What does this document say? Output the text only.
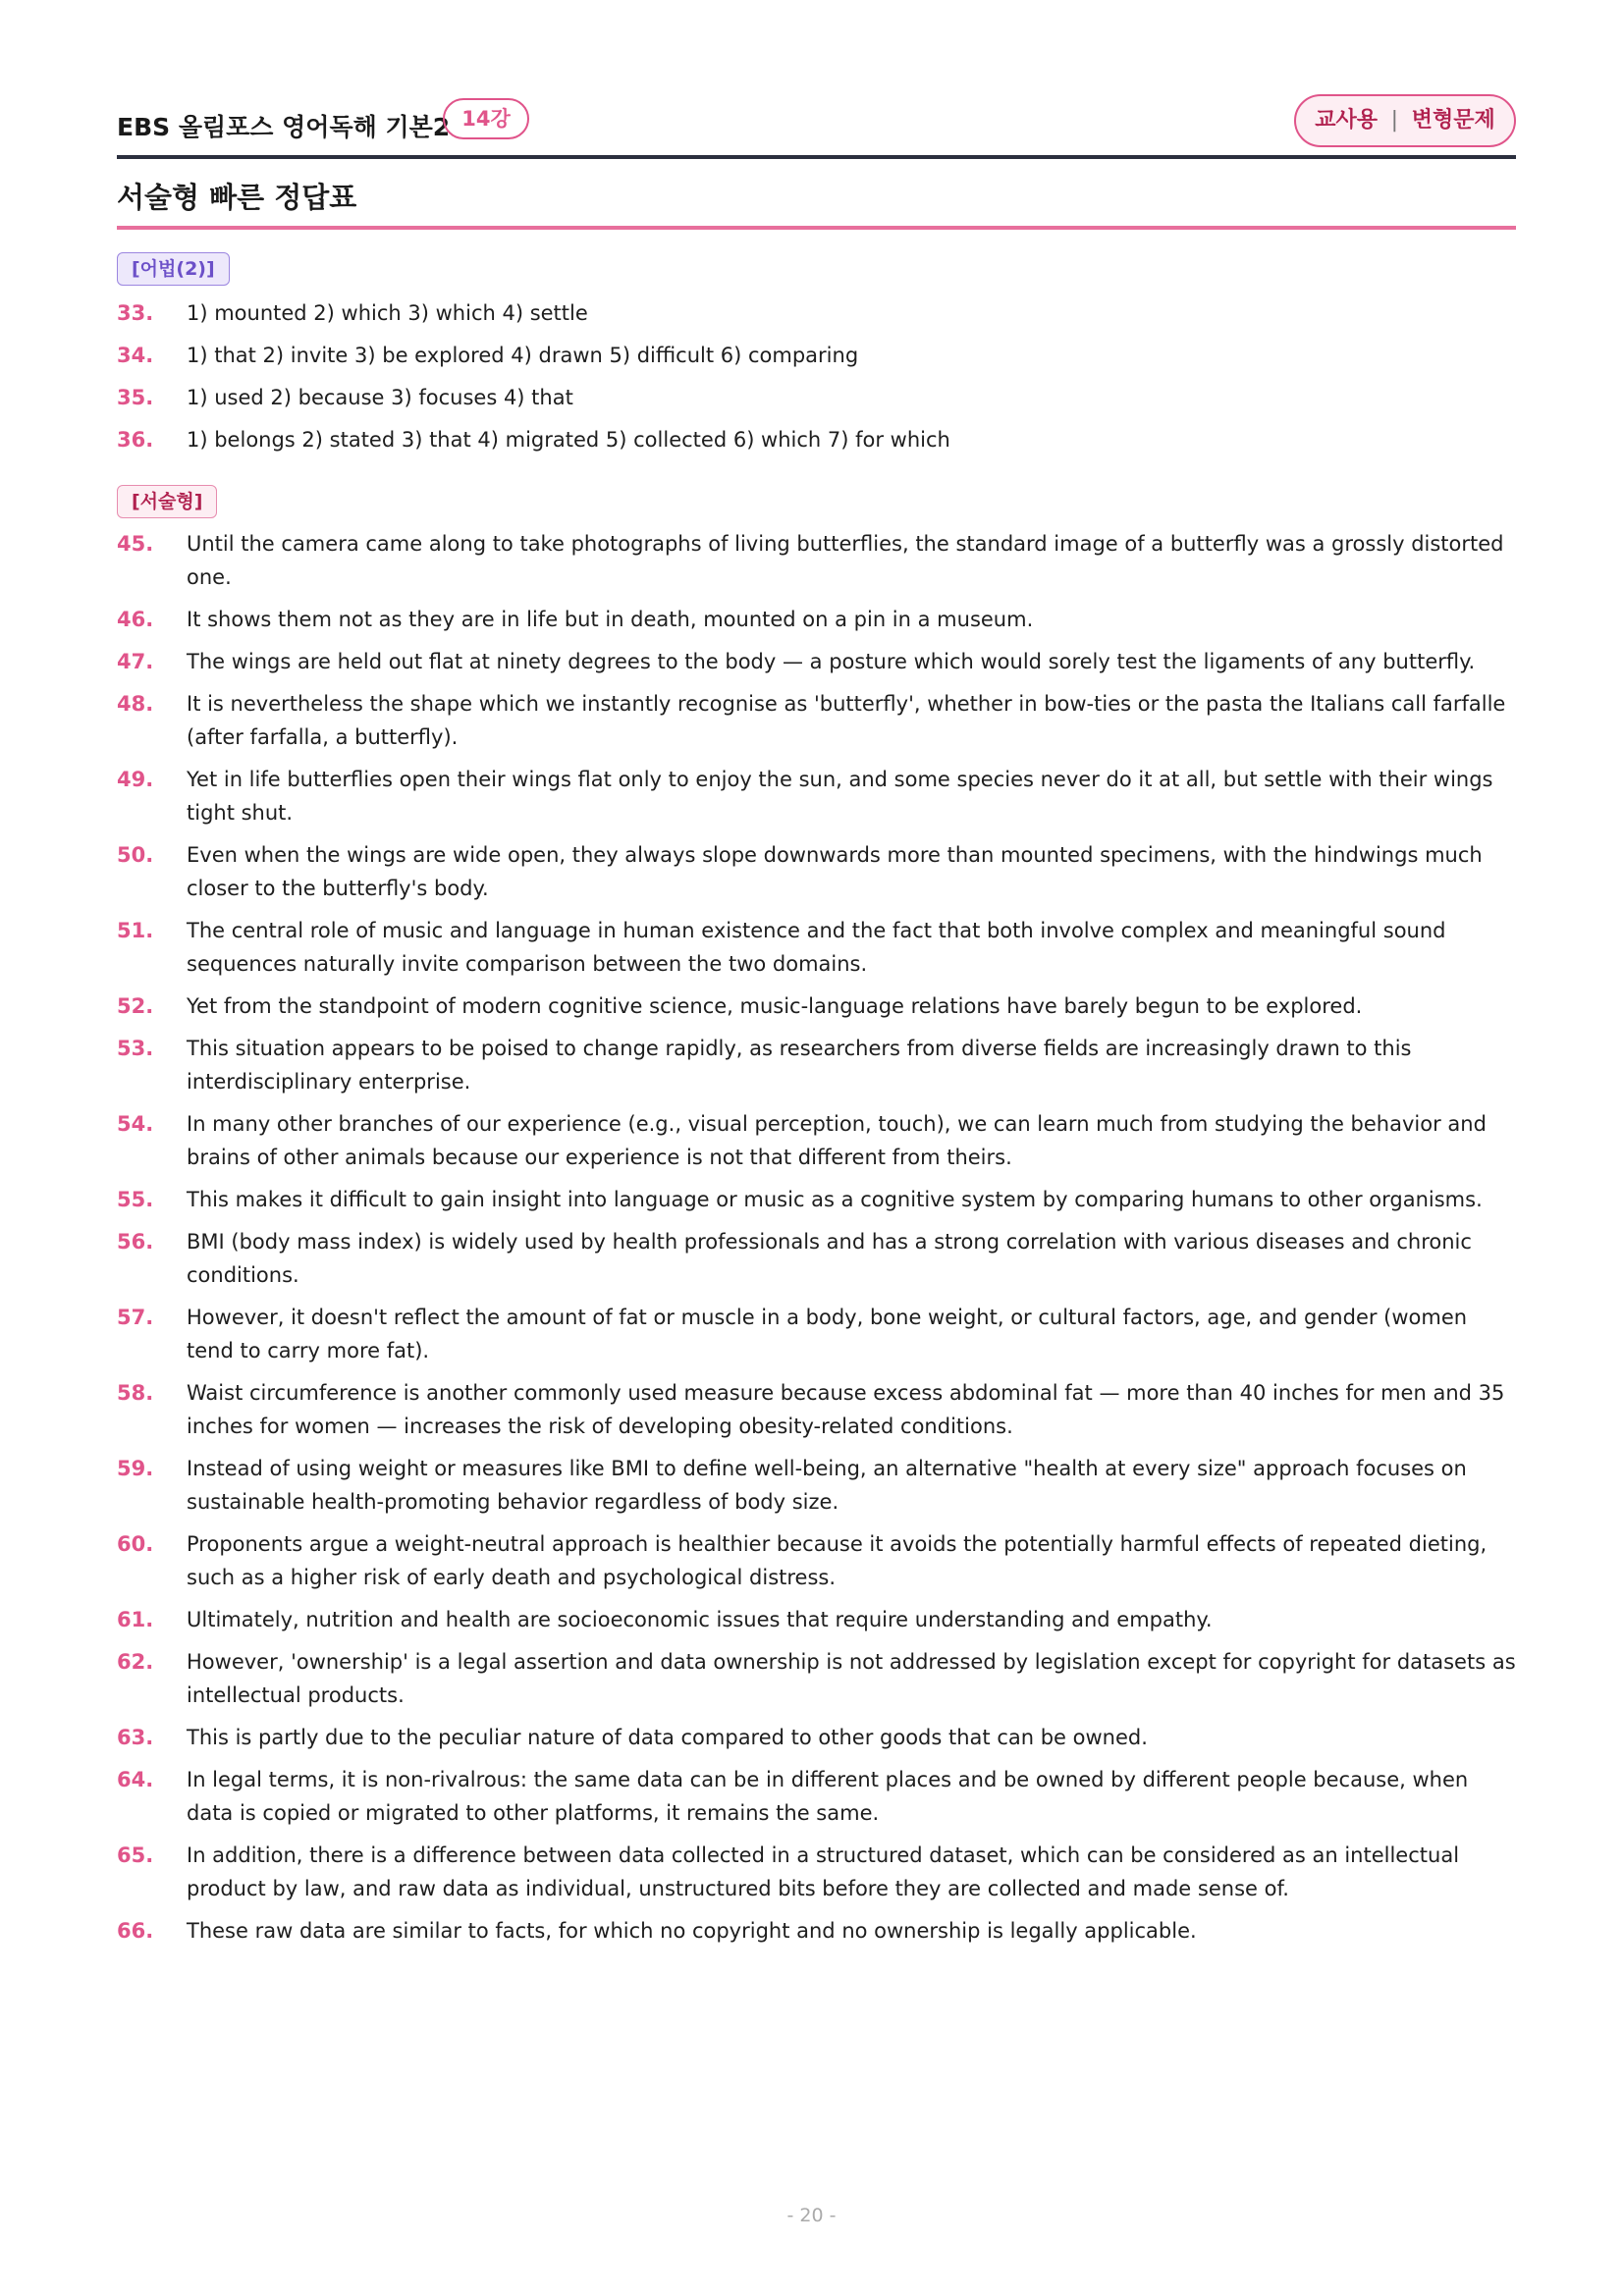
EBS 올림포스 영어독해 기본2 14강	교사용 | 변형문제
서술형 빠른 정답표
[어법(2)]
33. 1) mounted 2) which 3) which 4) settle
34. 1) that 2) invite 3) be explored 4) drawn 5) difficult 6) comparing
35. 1) used 2) because 3) focuses 4) that
36. 1) belongs 2) stated 3) that 4) migrated 5) collected 6) which 7) for which
[서술형]
45. Until the camera came along to take photographs of living butterflies, the standard image of a butterfly was a grossly distorted one.
46. It shows them not as they are in life but in death, mounted on a pin in a museum.
47. The wings are held out flat at ninety degrees to the body — a posture which would sorely test the ligaments of any butterfly.
48. It is nevertheless the shape which we instantly recognise as 'butterfly', whether in bow-ties or the pasta the Italians call farfalle (after farfalla, a butterfly).
49. Yet in life butterflies open their wings flat only to enjoy the sun, and some species never do it at all, but settle with their wings tight shut.
50. Even when the wings are wide open, they always slope downwards more than mounted specimens, with the hindwings much closer to the butterfly's body.
51. The central role of music and language in human existence and the fact that both involve complex and meaningful sound sequences naturally invite comparison between the two domains.
52. Yet from the standpoint of modern cognitive science, music-language relations have barely begun to be explored.
53. This situation appears to be poised to change rapidly, as researchers from diverse fields are increasingly drawn to this interdisciplinary enterprise.
54. In many other branches of our experience (e.g., visual perception, touch), we can learn much from studying the behavior and brains of other animals because our experience is not that different from theirs.
55. This makes it difficult to gain insight into language or music as a cognitive system by comparing humans to other organisms.
56. BMI (body mass index) is widely used by health professionals and has a strong correlation with various diseases and chronic conditions.
57. However, it doesn't reflect the amount of fat or muscle in a body, bone weight, or cultural factors, age, and gender (women tend to carry more fat).
58. Waist circumference is another commonly used measure because excess abdominal fat — more than 40 inches for men and 35 inches for women — increases the risk of developing obesity-related conditions.
59. Instead of using weight or measures like BMI to define well-being, an alternative "health at every size" approach focuses on sustainable health-promoting behavior regardless of body size.
60. Proponents argue a weight-neutral approach is healthier because it avoids the potentially harmful effects of repeated dieting, such as a higher risk of early death and psychological distress.
61. Ultimately, nutrition and health are socioeconomic issues that require understanding and empathy.
62. However, 'ownership' is a legal assertion and data ownership is not addressed by legislation except for copyright for datasets as intellectual products.
63. This is partly due to the peculiar nature of data compared to other goods that can be owned.
64. In legal terms, it is non-rivalrous: the same data can be in different places and be owned by different people because, when data is copied or migrated to other platforms, it remains the same.
65. In addition, there is a difference between data collected in a structured dataset, which can be considered as an intellectual product by law, and raw data as individual, unstructured bits before they are collected and made sense of.
66. These raw data are similar to facts, for which no copyright and no ownership is legally applicable.
- 20 -
